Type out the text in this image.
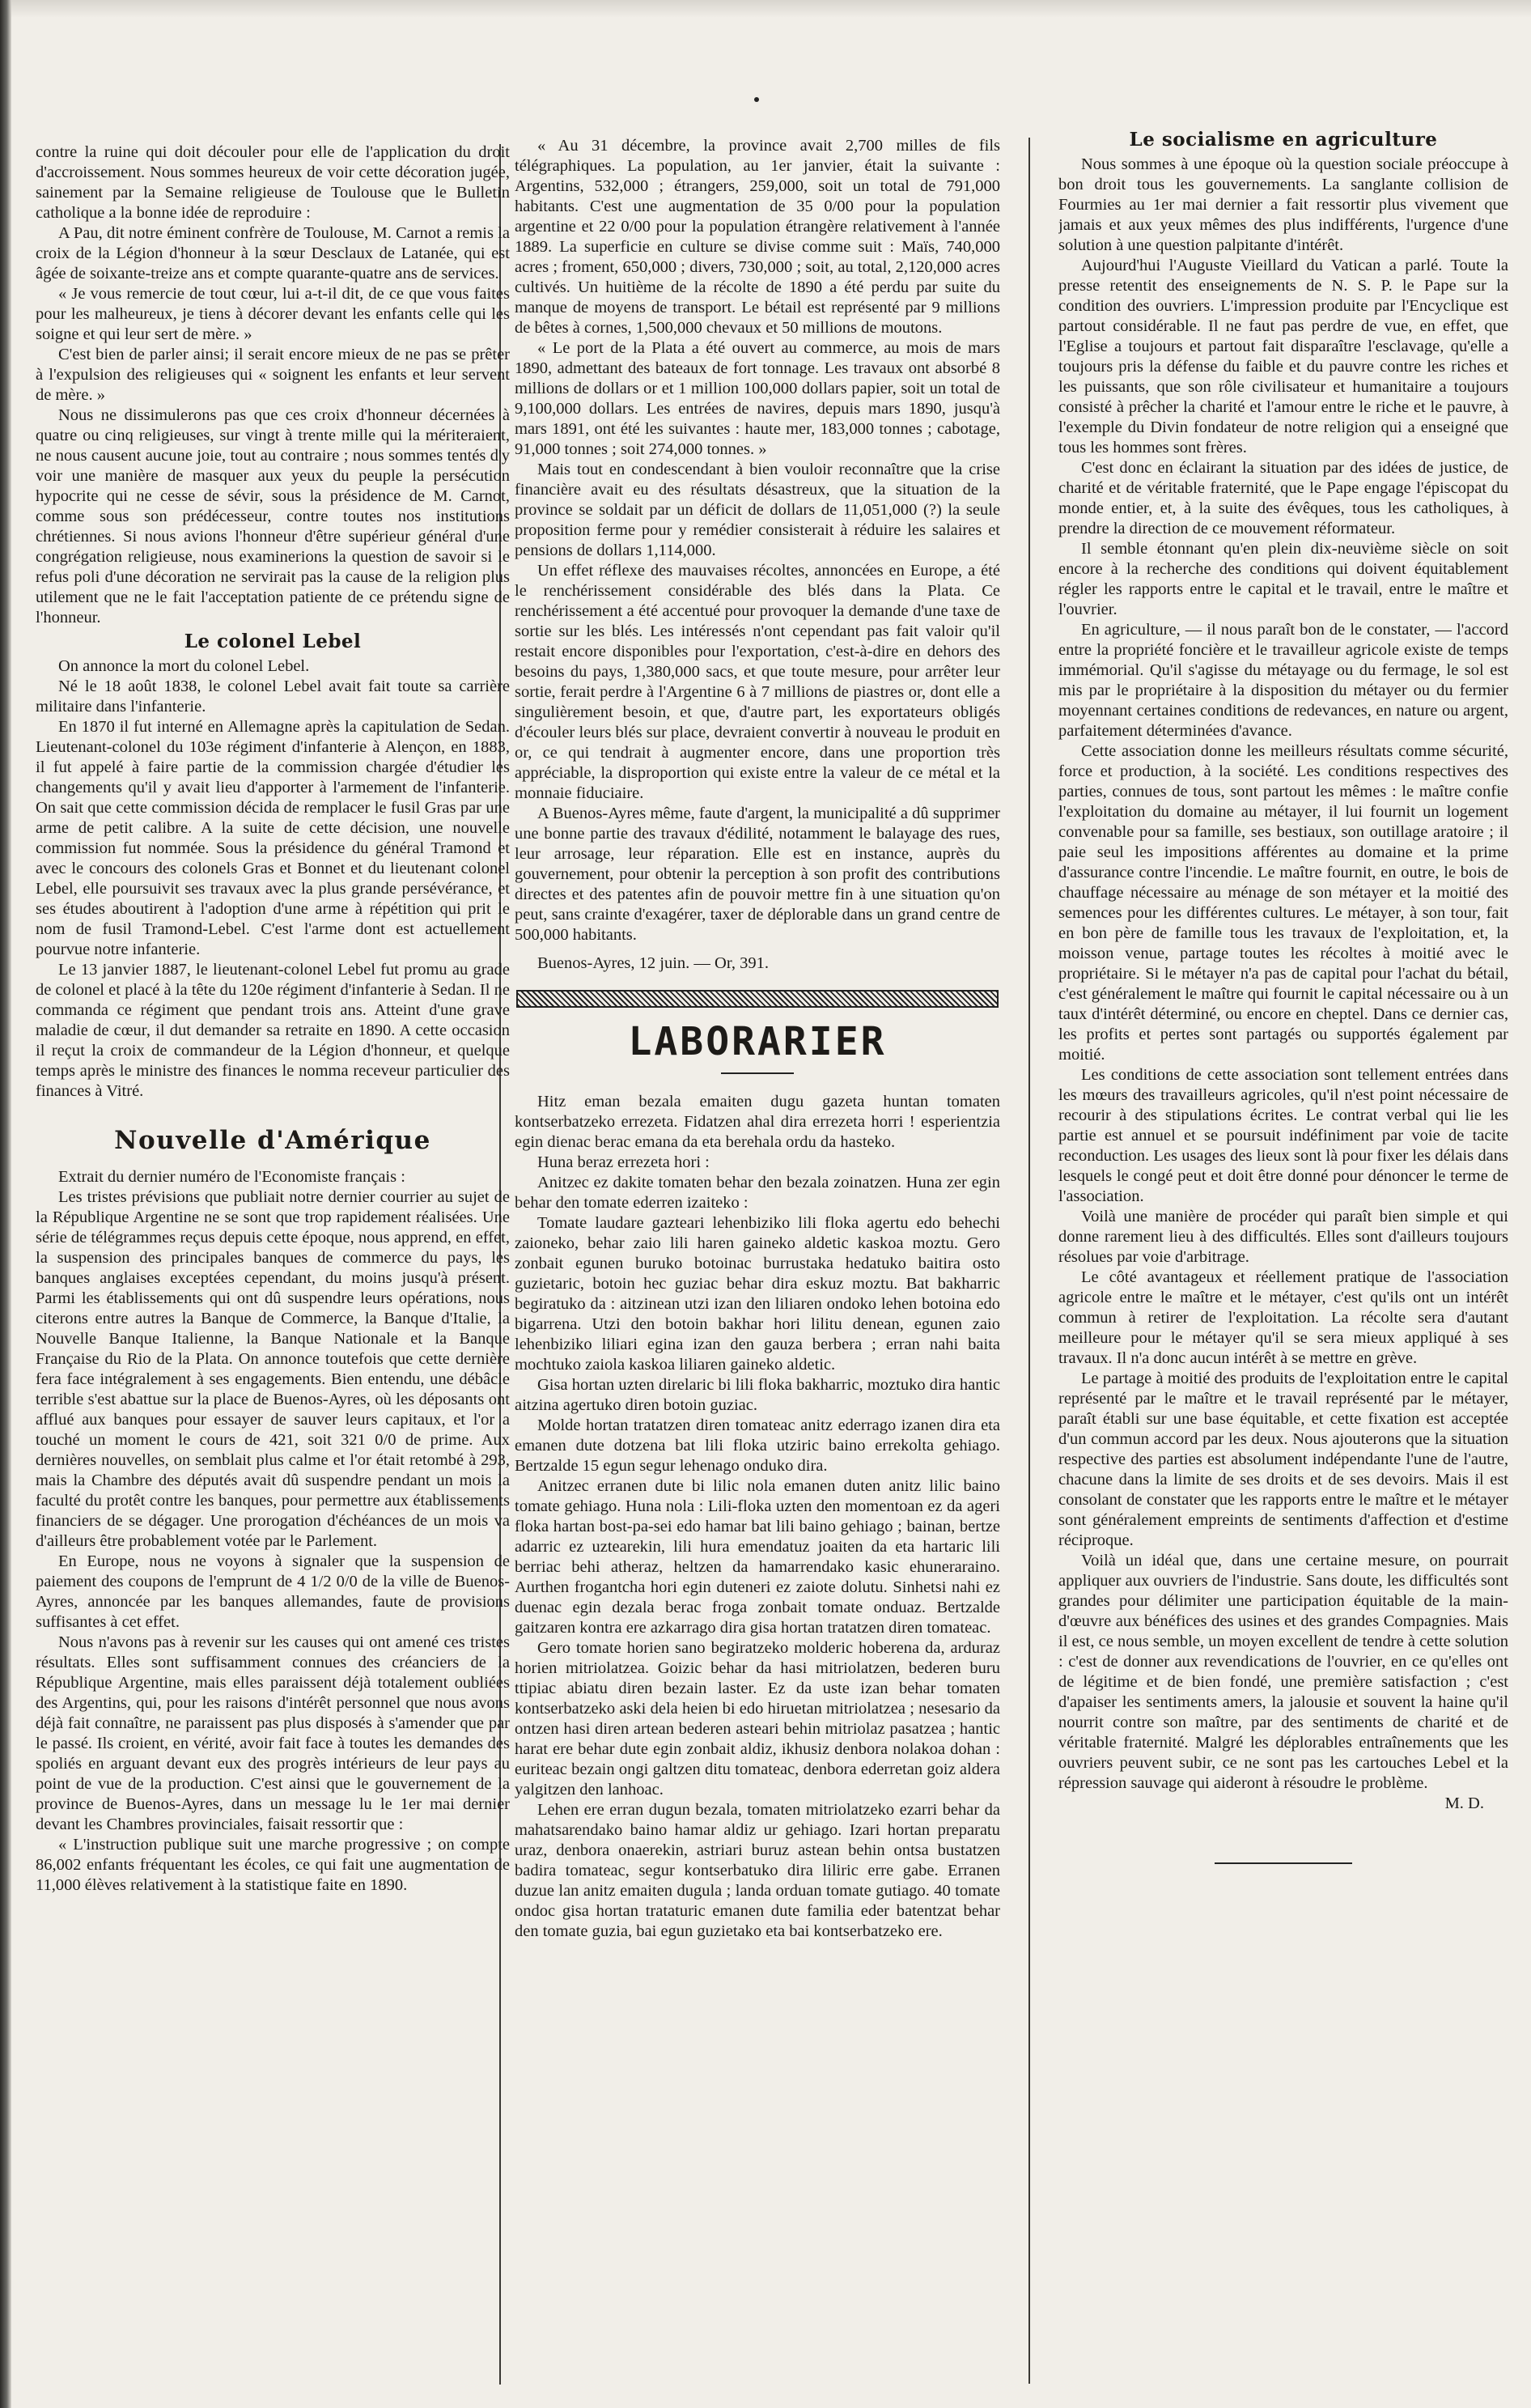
contre la ruine qui doit découler pour elle de l'application du droit d'accroissement. Nous sommes heureux de voir cette décoration jugée, sainement par la Semaine religieuse de Toulouse que le Bulletin catholique a la bonne idée de reproduire :

A Pau, dit notre éminent confrère de Toulouse, M. Carnot a remis la croix de la Légion d'honneur à la sœur Desclaux de Latanée, qui est âgée de soixante-treize ans et compte quarante-quatre ans de services.

« Je vous remercie de tout cœur, lui a-t-il dit, de ce que vous faites pour les malheureux, je tiens à décorer devant les enfants celle qui les soigne et qui leur sert de mère. »

C'est bien de parler ainsi; il serait encore mieux de ne pas se prêter à l'expulsion des religieuses qui « soignent les enfants et leur servent de mère. »

Nous ne dissimulerons pas que ces croix d'honneur décernées à quatre ou cinq religieuses, sur vingt à trente mille qui la mériteraient, ne nous causent aucune joie, tout au contraire ; nous sommes tentés d'y voir une manière de masquer aux yeux du peuple la persécution hypocrite qui ne cesse de sévir, sous la présidence de M. Carnot, comme sous son prédécesseur, contre toutes nos institutions chrétiennes. Si nous avions l'honneur d'être supérieur général d'une congrégation religieuse, nous examinerions la question de savoir si le refus poli d'une décoration ne servirait pas la cause de la religion plus utilement que ne le fait l'acceptation patiente de ce prétendu signe de l'honneur.

Le colonel Lebel

On annonce la mort du colonel Lebel.

Né le 18 août 1838, le colonel Lebel avait fait toute sa carrière militaire dans l'infanterie.

En 1870 il fut interné en Allemagne après la capitulation de Sedan. Lieutenant-colonel du 103e régiment d'infanterie à Alençon, en 1883, il fut appelé à faire partie de la commission chargée d'étudier les changements qu'il y avait lieu d'apporter à l'armement de l'infanterie. On sait que cette commission décida de remplacer le fusil Gras par une arme de petit calibre. A la suite de cette décision, une nouvelle commission fut nommée. Sous la présidence du général Tramond et avec le concours des colonels Gras et Bonnet et du lieutenant colonel Lebel, elle poursuivit ses travaux avec la plus grande persévérance, et ses études aboutirent à l'adoption d'une arme à répétition qui prit le nom de fusil Tramond-Lebel. C'est l'arme dont est actuellement pourvue notre infanterie.

Le 13 janvier 1887, le lieutenant-colonel Lebel fut promu au grade de colonel et placé à la tête du 120e régiment d'infanterie à Sedan. Il ne commanda ce régiment que pendant trois ans. Atteint d'une grave maladie de cœur, il dut demander sa retraite en 1890. A cette occasion il reçut la croix de commandeur de la Légion d'honneur, et quelque temps après le ministre des finances le nomma receveur particulier des finances à Vitré.

Nouvelle d'Amérique

Extrait du dernier numéro de l'Economiste français :

Les tristes prévisions que publiait notre dernier courrier au sujet de la République Argentine ne se sont que trop rapidement réalisées. Une série de télégrammes reçus depuis cette époque, nous apprend, en effet, la suspension des principales banques de commerce du pays, les banques anglaises exceptées cependant, du moins jusqu'à présent. Parmi les établissements qui ont dû suspendre leurs opérations, nous citerons entre autres la Banque de Commerce, la Banque d'Italie, la Nouvelle Banque Italienne, la Banque Nationale et la Banque Française du Rio de la Plata. On annonce toutefois que cette dernière fera face intégralement à ses engagements. Bien entendu, une débâcle terrible s'est abattue sur la place de Buenos-Ayres, où les déposants ont afflué aux banques pour essayer de sauver leurs capitaux, et l'or a touché un moment le cours de 421, soit 321 0/0 de prime. Aux dernières nouvelles, on semblait plus calme et l'or était retombé à 293, mais la Chambre des députés avait dû suspendre pendant un mois la faculté du protêt contre les banques, pour permettre aux établissements financiers de se dégager. Une prorogation d'échéances de un mois va d'ailleurs être probablement votée par le Parlement.

En Europe, nous ne voyons à signaler que la suspension de paiement des coupons de l'emprunt de 4 1/2 0/0 de la ville de Buenos-Ayres, annoncée par les banques allemandes, faute de provisions suffisantes à cet effet.

Nous n'avons pas à revenir sur les causes qui ont amené ces tristes résultats. Elles sont suffisamment connues des créanciers de la République Argentine, mais elles paraissent déjà totalement oubliées des Argentins, qui, pour les raisons d'intérêt personnel que nous avons déjà fait connaître, ne paraissent pas plus disposés à s'amender que par le passé. Ils croient, en vérité, avoir fait face à toutes les demandes des spoliés en arguant devant eux des progrès intérieurs de leur pays au point de vue de la production. C'est ainsi que le gouvernement de la province de Buenos-Ayres, dans un message lu le 1er mai dernier devant les Chambres provinciales, faisait ressortir que :

« L'instruction publique suit une marche progressive ; on compte 86,002 enfants fréquentant les écoles, ce qui fait une augmentation de 11,000 élèves relativement à la statistique faite en 1890.

« Au 31 décembre, la province avait 2,700 milles de fils télégraphiques. La population, au 1er janvier, était la suivante : Argentins, 532,000 ; étrangers, 259,000, soit un total de 791,000 habitants. C'est une augmentation de 35 0/00 pour la population argentine et 22 0/00 pour la population étrangère relativement à l'année 1889. La superficie en culture se divise comme suit : Maïs, 740,000 acres ; froment, 650,000 ; divers, 730,000 ; soit, au total, 2,120,000 acres cultivés. Un huitième de la récolte de 1890 a été perdu par suite du manque de moyens de transport. Le bétail est représenté par 9 millions de bêtes à cornes, 1,500,000 chevaux et 50 millions de moutons.

« Le port de la Plata a été ouvert au commerce, au mois de mars 1890, admettant des bateaux de fort tonnage. Les travaux ont absorbé 8 millions de dollars or et 1 million 100,000 dollars papier, soit un total de 9,100,000 dollars. Les entrées de navires, depuis mars 1890, jusqu'à mars 1891, ont été les suivantes : haute mer, 183,000 tonnes ; cabotage, 91,000 tonnes ; soit 274,000 tonnes. »

Mais tout en condescendant à bien vouloir reconnaître que la crise financière avait eu des résultats désastreux, que la situation de la province se soldait par un déficit de dollars de 11,051,000 (?) la seule proposition ferme pour y remédier consisterait à réduire les salaires et pensions de dollars 1,114,000.

Un effet réflexe des mauvaises récoltes, annoncées en Europe, a été le renchérissement considérable des blés dans la Plata. Ce renchérissement a été accentué pour provoquer la demande d'une taxe de sortie sur les blés. Les intéressés n'ont cependant pas fait valoir qu'il restait encore disponibles pour l'exportation, c'est-à-dire en dehors des besoins du pays, 1,380,000 sacs, et que toute mesure, pour arrêter leur sortie, ferait perdre à l'Argentine 6 à 7 millions de piastres or, dont elle a singulièrement besoin, et que, d'autre part, les exportateurs obligés d'écouler leurs blés sur place, devraient convertir à nouveau le produit en or, ce qui tendrait à augmenter encore, dans une proportion très appréciable, la disproportion qui existe entre la valeur de ce métal et la monnaie fiduciaire.

A Buenos-Ayres même, faute d'argent, la municipalité a dû supprimer une bonne partie des travaux d'édilité, notamment le balayage des rues, leur arrosage, leur réparation. Elle est en instance, auprès du gouvernement, pour obtenir la perception à son profit des contributions directes et des patentes afin de pouvoir mettre fin à une situation qu'on peut, sans crainte d'exagérer, taxer de déplorable dans un grand centre de 500,000 habitants.

Buenos-Ayres, 12 juin. — Or, 391.

LABORARIER

Hitz eman bezala emaiten dugu gazeta huntan tomaten kontserbatzeko errezeta. Fidatzen ahal dira errezeta horri ! esperientzia egin dienac berac emana da eta berehala ordu da hasteko.

Huna beraz errezeta hori :

Anitzec ez dakite tomaten behar den bezala zoinatzen. Huna zer egin behar den tomate ederren izaiteko :

Tomate laudare gazteari lehenbiziko lili floka agertu edo behechi zaioneko, behar zaio lili haren gaineko aldetic kaskoa moztu. Gero zonbait egunen buruko botoinac burrustaka hedatuko baitira osto guzietaric, botoin hec guziac behar dira eskuz moztu. Bat bakharric begiratuko da : aitzinean utzi izan den liliaren ondoko lehen botoina edo bigarrena. Utzi den botoin bakhar hori lilitu denean, egunen zaio lehenbiziko liliari egina izan den gauza berbera ; erran nahi baita mochtuko zaiola kaskoa liliaren gaineko aldetic.

Gisa hortan uzten direlaric bi lili floka bakharric, moztuko dira hantic aitzina agertuko diren botoin guziac.

Molde hortan tratatzen diren tomateac anitz ederrago izanen dira eta emanen dute dotzena bat lili floka utziric baino errekolta gehiago. Bertzalde 15 egun segur lehenago onduko dira.

Anitzec erranen dute bi lilic nola emanen duten anitz lilic baino tomate gehiago. Huna nola : Lili-floka uzten den momentoan ez da ageri floka hartan bost-pa-sei edo hamar bat lili baino gehiago ; bainan, bertze adarric ez uztearekin, lili hura emendatuz joaiten da eta hartaric lili berriac behi atheraz, heltzen da hamarrendako kasic ehuneraraino. Aurthen frogantcha hori egin duteneri ez zaiote dolutu. Sinhetsi nahi ez duenac egin dezala berac froga zonbait tomate onduaz. Bertzalde gaitzaren kontra ere azkarrago dira gisa hortan tratatzen diren tomateac.

Gero tomate horien sano begiratzeko molderic hoberena da, arduraz horien mitriolatzea. Goizic behar da hasi mitriolatzen, bederen buru ttipiac abiatu diren bezain laster. Ez da uste izan behar tomaten kontserbatzeko aski dela heien bi edo hiruetan mitriolatzea ; nesesario da ontzen hasi diren artean bederen asteari behin mitriolaz pasatzea ; hantic harat ere behar dute egin zonbait aldiz, ikhusiz denbora nolakoa dohan : euriteac bezain ongi galtzen ditu tomateac, denbora ederretan goiz aldera yalgitzen den lanhoac.

Lehen ere erran dugun bezala, tomaten mitriolatzeko ezarri behar da mahatsarendako baino hamar aldiz ur gehiago. Izari hortan preparatu uraz, denbora onaerekin, astriari buruz astean behin ontsa bustatzen badira tomateac, segur kontserbatuko dira liliric erre gabe. Erranen duzue lan anitz emaiten dugula ; landa orduan tomate gutiago. 40 tomate ondoc gisa hortan trataturic emanen dute familia eder batentzat behar den tomate guzia, bai egun guzietako eta bai kontserbatzeko ere.

Le socialisme en agriculture

Nous sommes à une époque où la question sociale préoccupe à bon droit tous les gouvernements. La sanglante collision de Fourmies au 1er mai dernier a fait ressortir plus vivement que jamais et aux yeux mêmes des plus indifférents, l'urgence d'une solution à une question palpitante d'intérêt.

Aujourd'hui l'Auguste Vieillard du Vatican a parlé. Toute la presse retentit des enseignements de N. S. P. le Pape sur la condition des ouvriers. L'impression produite par l'Encyclique est partout considérable. Il ne faut pas perdre de vue, en effet, que l'Eglise a toujours et partout fait disparaître l'esclavage, qu'elle a toujours pris la défense du faible et du pauvre contre les riches et les puissants, que son rôle civilisateur et humanitaire a toujours consisté à prêcher la charité et l'amour entre le riche et le pauvre, à l'exemple du Divin fondateur de notre religion qui a enseigné que tous les hommes sont frères.

C'est donc en éclairant la situation par des idées de justice, de charité et de véritable fraternité, que le Pape engage l'épiscopat du monde entier, et, à la suite des évêques, tous les catholiques, à prendre la direction de ce mouvement réformateur.

Il semble étonnant qu'en plein dix-neuvième siècle on soit encore à la recherche des conditions qui doivent équitablement régler les rapports entre le capital et le travail, entre le maître et l'ouvrier.

En agriculture, — il nous paraît bon de le constater, — l'accord entre la propriété foncière et le travailleur agricole existe de temps immémorial. Qu'il s'agisse du métayage ou du fermage, le sol est mis par le propriétaire à la disposition du métayer ou du fermier moyennant certaines conditions de redevances, en nature ou argent, parfaitement déterminées d'avance.

Cette association donne les meilleurs résultats comme sécurité, force et production, à la société. Les conditions respectives des parties, connues de tous, sont partout les mêmes : le maître confie l'exploitation du domaine au métayer, il lui fournit un logement convenable pour sa famille, ses bestiaux, son outillage aratoire ; il paie seul les impositions afférentes au domaine et la prime d'assurance contre l'incendie. Le maître fournit, en outre, le bois de chauffage nécessaire au ménage de son métayer et la moitié des semences pour les différentes cultures. Le métayer, à son tour, fait en bon père de famille tous les travaux de l'exploitation, et, la moisson venue, partage toutes les récoltes à moitié avec le propriétaire. Si le métayer n'a pas de capital pour l'achat du bétail, c'est généralement le maître qui fournit le capital nécessaire ou à un taux d'intérêt déterminé, ou encore en cheptel. Dans ce dernier cas, les profits et pertes sont partagés ou supportés également par moitié.

Les conditions de cette association sont tellement entrées dans les mœurs des travailleurs agricoles, qu'il n'est point nécessaire de recourir à des stipulations écrites. Le contrat verbal qui lie les partie est annuel et se poursuit indéfiniment par voie de tacite reconduction. Les usages des lieux sont là pour fixer les délais dans lesquels le congé peut et doit être donné pour dénoncer le terme de l'association.

Voilà une manière de procéder qui paraît bien simple et qui donne rarement lieu à des difficultés. Elles sont d'ailleurs toujours résolues par voie d'arbitrage.

Le côté avantageux et réellement pratique de l'association agricole entre le maître et le métayer, c'est qu'ils ont un intérêt commun à retirer de l'exploitation. La récolte sera d'autant meilleure pour le métayer qu'il se sera mieux appliqué à ses travaux. Il n'a donc aucun intérêt à se mettre en grève.

Le partage à moitié des produits de l'exploitation entre le capital représenté par le maître et le travail représenté par le métayer, paraît établi sur une base équitable, et cette fixation est acceptée d'un commun accord par les deux. Nous ajouterons que la situation respective des parties est absolument indépendante l'une de l'autre, chacune dans la limite de ses droits et de ses devoirs. Mais il est consolant de constater que les rapports entre le maître et le métayer sont généralement empreints de sentiments d'affection et d'estime réciproque.

Voilà un idéal que, dans une certaine mesure, on pourrait appliquer aux ouvriers de l'industrie. Sans doute, les difficultés sont grandes pour délimiter une participation équitable de la main-d'œuvre aux bénéfices des usines et des grandes Compagnies. Mais il est, ce nous semble, un moyen excellent de tendre à cette solution : c'est de donner aux revendications de l'ouvrier, en ce qu'elles ont de légitime et de bien fondé, une première satisfaction ; c'est d'apaiser les sentiments amers, la jalousie et souvent la haine qu'il nourrit contre son maître, par des sentiments de charité et de véritable fraternité. Malgré les déplorables entraînements que les ouvriers peuvent subir, ce ne sont pas les cartouches Lebel et la répression sauvage qui aideront à résoudre le problème.

M. D.
